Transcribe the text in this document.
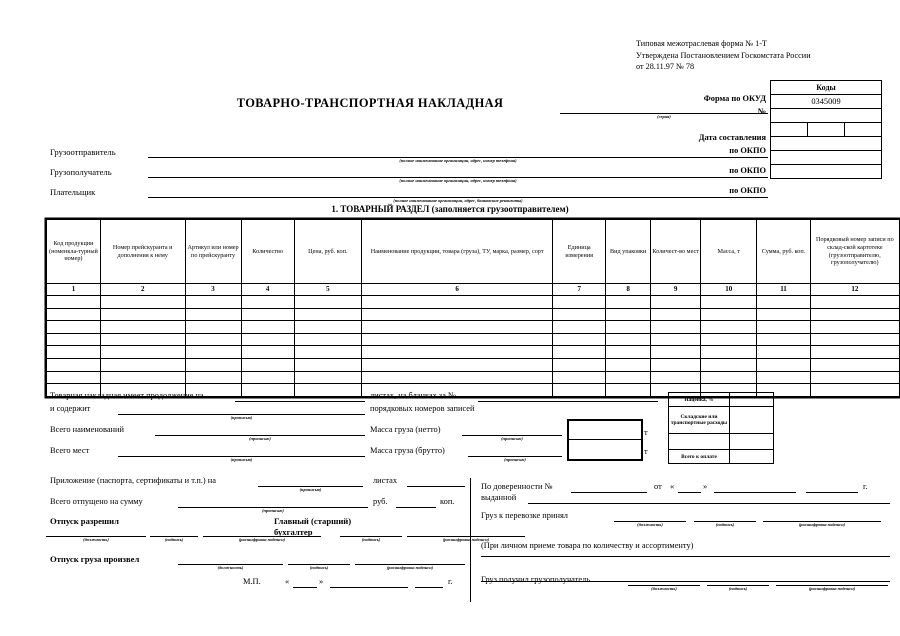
Типовая межотраслевая форма № 1-Т
Утверждена Постановлением Госкомстата России
от 28.11.97 № 78
Коды
0345009
Форма по ОКУД
№
Дата составления
по ОКПО
по ОКПО
по ОКПО
ТОВАРНО-ТРАНСПОРТНАЯ НАКЛАДНАЯ
(серия)
Грузоотправитель
(полное наименование организации, адрес, номер телефона)
Грузополучатель
(полное наименование организации, адрес, номер телефона)
Плательщик
(полное наименование организации, адрес, банковские реквизиты)
1. ТОВАРНЫЙ РАЗДЕЛ (заполняется грузоотправителем)
Код продукции (номенкла-турный номер)	Номер прейскуранта и дополнения к нему	Артикул или номер по прейскуранту	Количество	Цена, руб. коп.	Наименование продукции, товара (груза), ТУ, марка, размер, сорт	Единица измерения	Вид упаковки	Количест-во мест	Масса, т	Сумма, руб. коп.	Порядковый номер записи по склад-ской картотеке (грузоотправителю, грузополучателю)
1	2	3	4	5	6	7	8	9	10	11	12

Товарная накладная имеет продолжение на	листах, на бланках за №
и содержит
(прописью)
порядковых номеров записей
Всего наименований
(прописью)
Всего мест
(прописью)
Масса груза (нетто)
(прописью)
т
Масса груза (брутто)
(прописью)
т
Наценка, %
Складские или транспортные расходы
Всего к оплате
Приложение (паспорта, сертификаты и т.п.) на
(прописью)
листах
Всего отпущено на сумму
(прописью)
руб.	коп.
Отпуск разрешил	Главный (старший)
бухгалтер
(должность)	(подпись)	(расшифровка подписи)	(подпись)	(расшифровка подписи)
Отпуск груза произвел
(должность)	(подпись)	(расшифровка подписи)
М.П.	«	»	г.
По доверенности №	от «	»	г.
выданной
Груз к перевозке принял
(должность)	(подпись)	(расшифровка подписи)
(При личном приеме товара по количеству и ассортименту)
Груз получил грузополучатель
(должность)	(подпись)	(расшифровка подписи)
